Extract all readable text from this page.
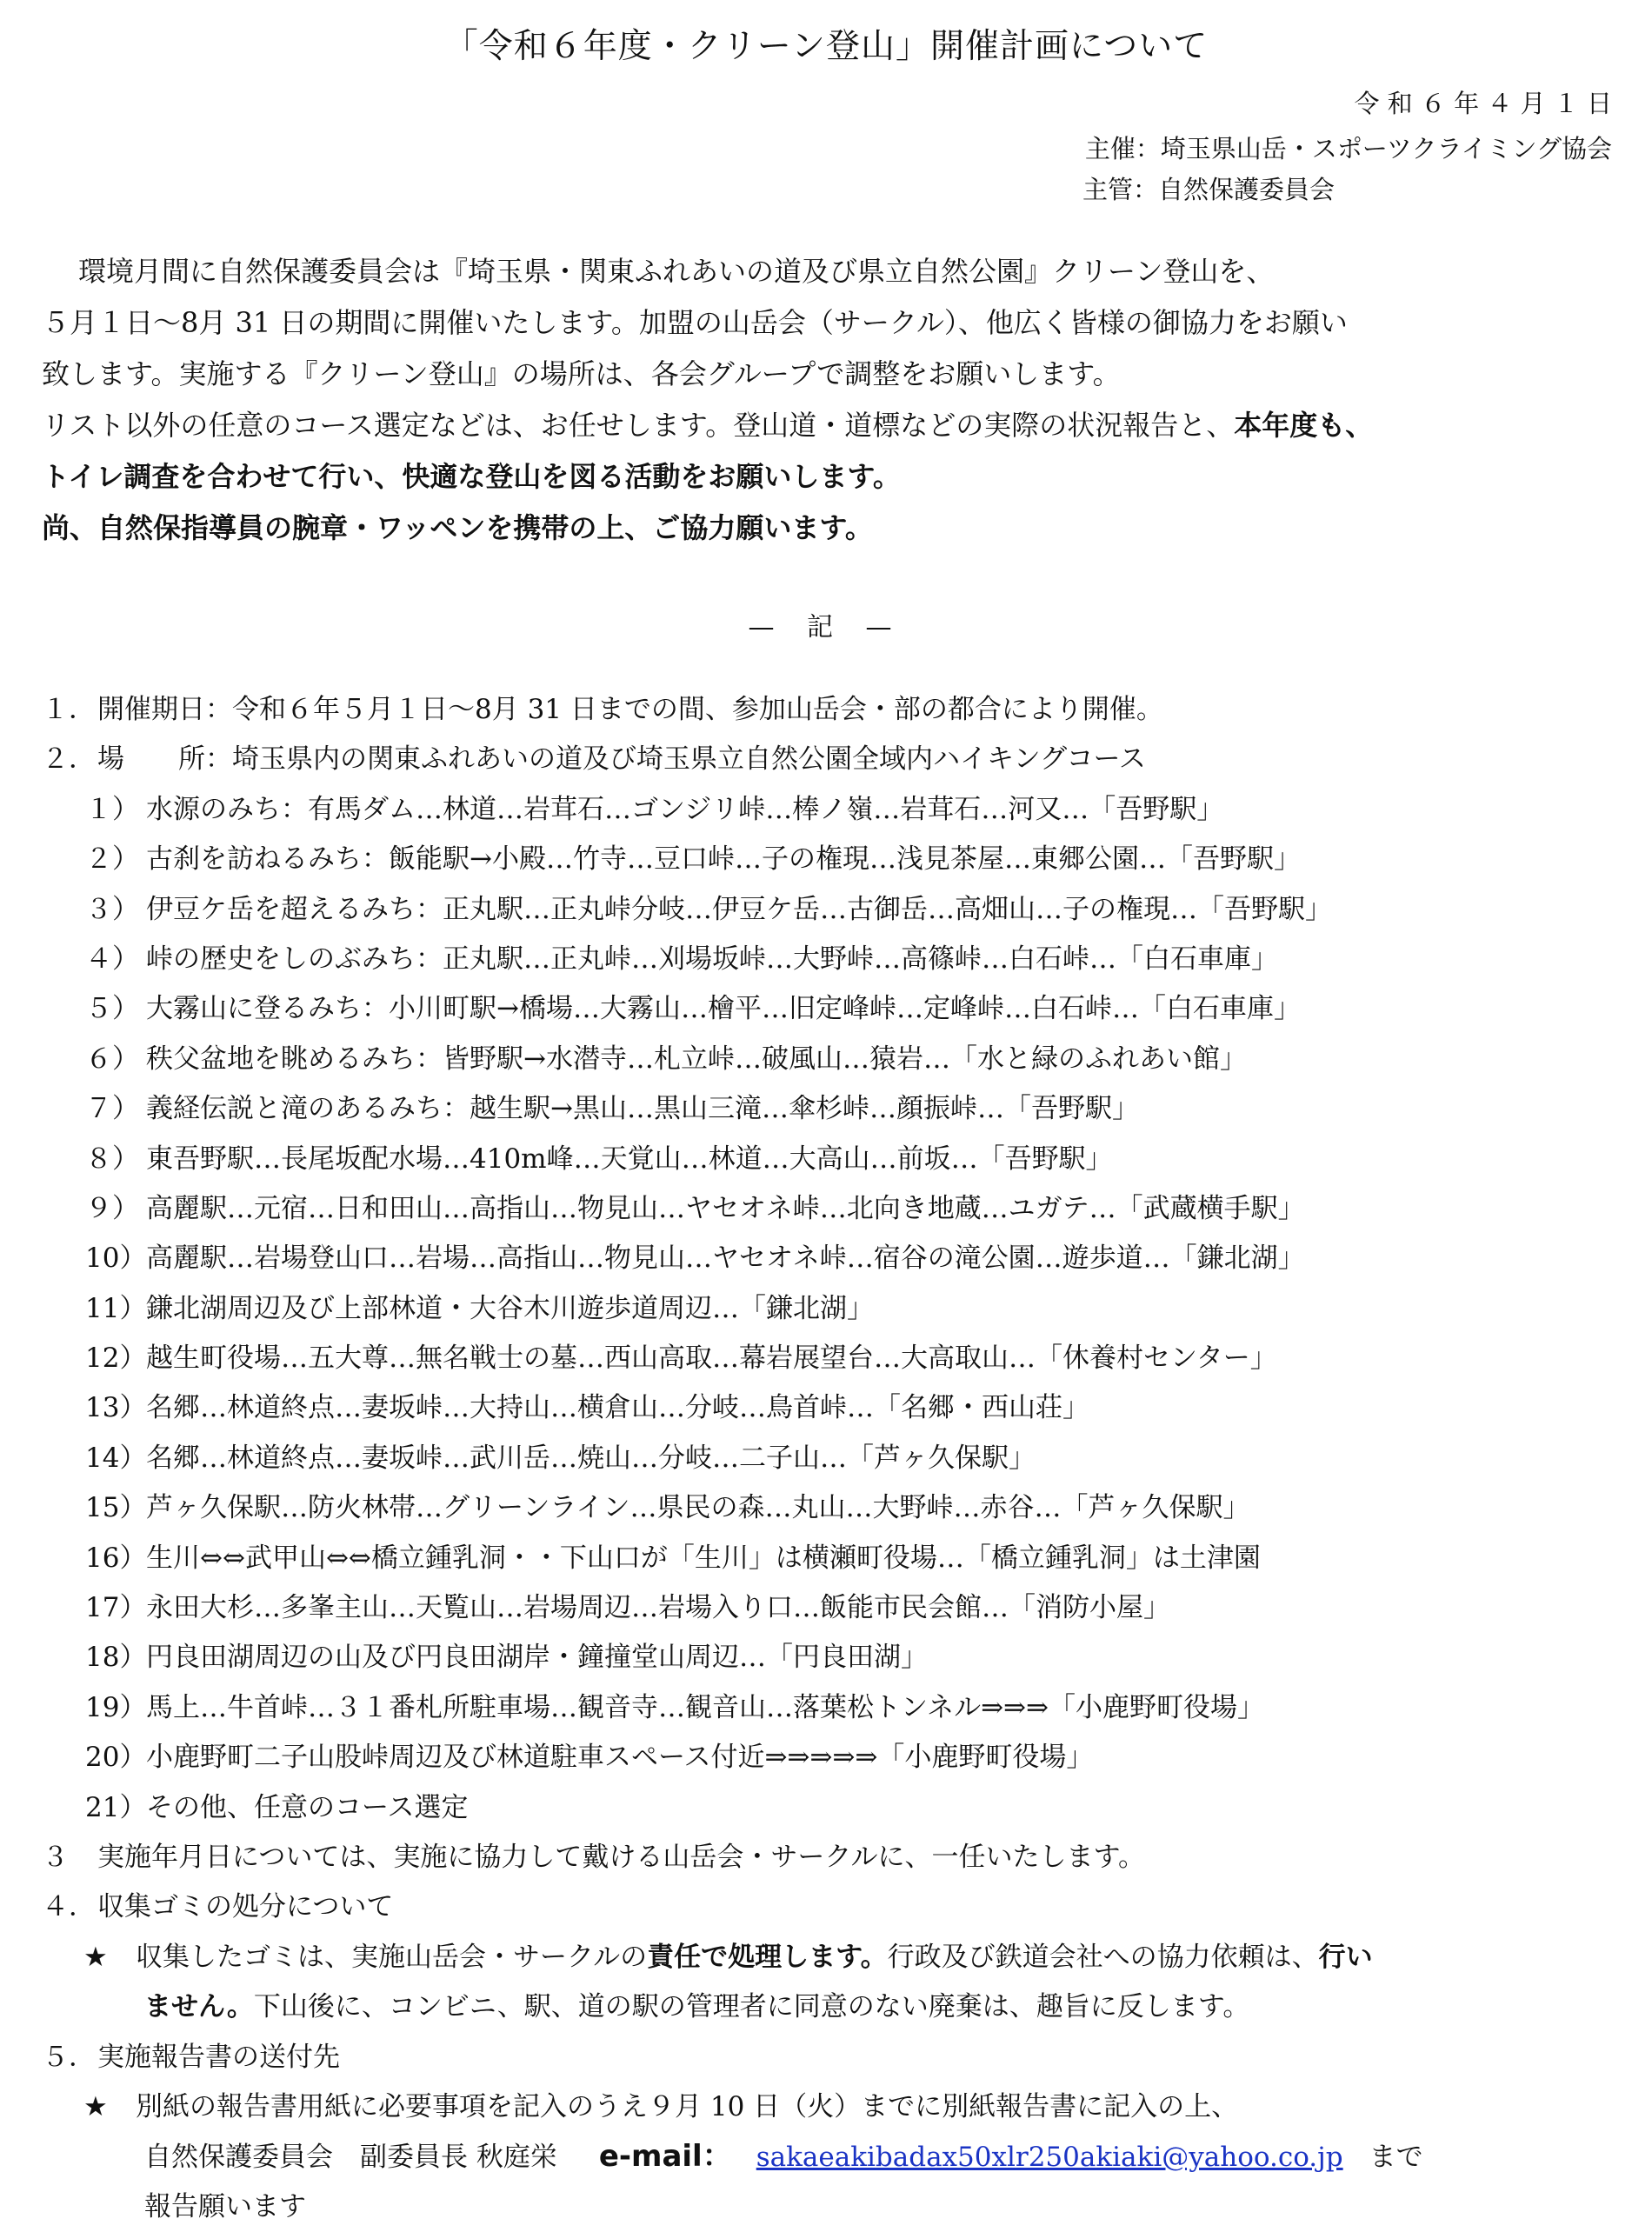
「令和６年度・クリーン登山」開催計画について
令 和 ６ 年 ４ 月 １ 日
主催：埼玉県山岳・スポーツクライミング協会
主管：自然保護委員会　　　　　　　　　　　

環境月間に自然保護委員会は『埼玉県・関東ふれあいの道及び県立自然公園』クリーン登山を、

５月１日～8月 31 日の期間に開催いたします。加盟の山岳会（サークル）、他広く皆様の御協力をお願い

致します。実施する『クリーン登山』の場所は、各会グループで調整をお願いします。

リスト以外の任意のコース選定などは、お任せします。登山道・道標などの実際の状況報告と、本年度も、

トイレ調査を合わせて行い、快適な登山を図る活動をお願いします。

尚、自然保指導員の腕章・ワッペンを携帯の上、ご協力願います。

— 記 —
１．開催期日：令和６年５月１日～8月 31 日までの間、参加山岳会・部の都合により開催。
２．場　　所：埼玉県内の関東ふれあいの道及び埼玉県立自然公園全域内ハイキングコース
１） 水源のみち：有馬ダム…林道…岩茸石…ゴンジリ峠…棒ノ嶺…岩茸石…河又…「吾野駅」
２） 古刹を訪ねるみち：飯能駅→小殿…竹寺…豆口峠…子の権現…浅見茶屋…東郷公園…「吾野駅」
３） 伊豆ケ岳を超えるみち：正丸駅…正丸峠分岐…伊豆ケ岳…古御岳…高畑山…子の権現…「吾野駅」
４） 峠の歴史をしのぶみち：正丸駅…正丸峠…刈場坂峠…大野峠…高篠峠…白石峠…「白石車庫」
５） 大霧山に登るみち：小川町駅→橋場…大霧山…檜平…旧定峰峠…定峰峠…白石峠…「白石車庫」
６） 秩父盆地を眺めるみち：皆野駅→水潜寺…札立峠…破風山…猿岩…「水と緑のふれあい館」
７） 義経伝説と滝のあるみち：越生駅→黒山…黒山三滝…傘杉峠…顔振峠…「吾野駅」
８） 東吾野駅…長尾坂配水場…410m峰…天覚山…林道…大高山…前坂…「吾野駅」
９） 高麗駅…元宿…日和田山…高指山…物見山…ヤセオネ峠…北向き地蔵…ユガテ…「武蔵横手駅」
10）高麗駅…岩場登山口…岩場…高指山…物見山…ヤセオネ峠…宿谷の滝公園…遊歩道…「鎌北湖」
11）鎌北湖周辺及び上部林道・大谷木川遊歩道周辺…「鎌北湖」
12）越生町役場…五大尊…無名戦士の墓…西山高取…幕岩展望台…大高取山…「休養村センター」
13）名郷…林道終点…妻坂峠…大持山…横倉山…分岐…鳥首峠…「名郷・西山荘」
14）名郷…林道終点…妻坂峠…武川岳…焼山…分岐…二子山…「芦ヶ久保駅」
15）芦ヶ久保駅…防火林帯…グリーンライン…県民の森…丸山…大野峠…赤谷…「芦ヶ久保駅」
16）生川⇔⇔武甲山⇔⇔橋立鍾乳洞・・下山口が「生川」は横瀬町役場…「橋立鍾乳洞」は土津園
17）永田大杉…多峯主山…天覧山…岩場周辺…岩場入り口…飯能市民会館…「消防小屋」
18）円良田湖周辺の山及び円良田湖岸・鐘撞堂山周辺…「円良田湖」
19）馬上…牛首峠…３１番札所駐車場…観音寺…観音山…落葉松トンネル⇒⇒⇒「小鹿野町役場」
20）小鹿野町二子山股峠周辺及び林道駐車スペース付近⇒⇒⇒⇒⇒「小鹿野町役場」
21）その他、任意のコース選定
３ 実施年月日については、実施に協力して戴ける山岳会・サークルに、一任いたします。
４．収集ゴミの処分について
★ 収集したゴミは、実施山岳会・サークルの責任で処理します。行政及び鉄道会社への協力依頼は、行い
ません。下山後に、コンビニ、駅、道の駅の管理者に同意のない廃棄は、趣旨に反します。
５．実施報告書の送付先
★ 別紙の報告書用紙に必要事項を記入のうえ９月 10 日（火）までに別紙報告書に記入の上、
自然保護委員会　副委員長 秋庭栄 e‐mail： sakaeakibadax50xlr250akiaki@yahoo.co.jp まで
報告願います
